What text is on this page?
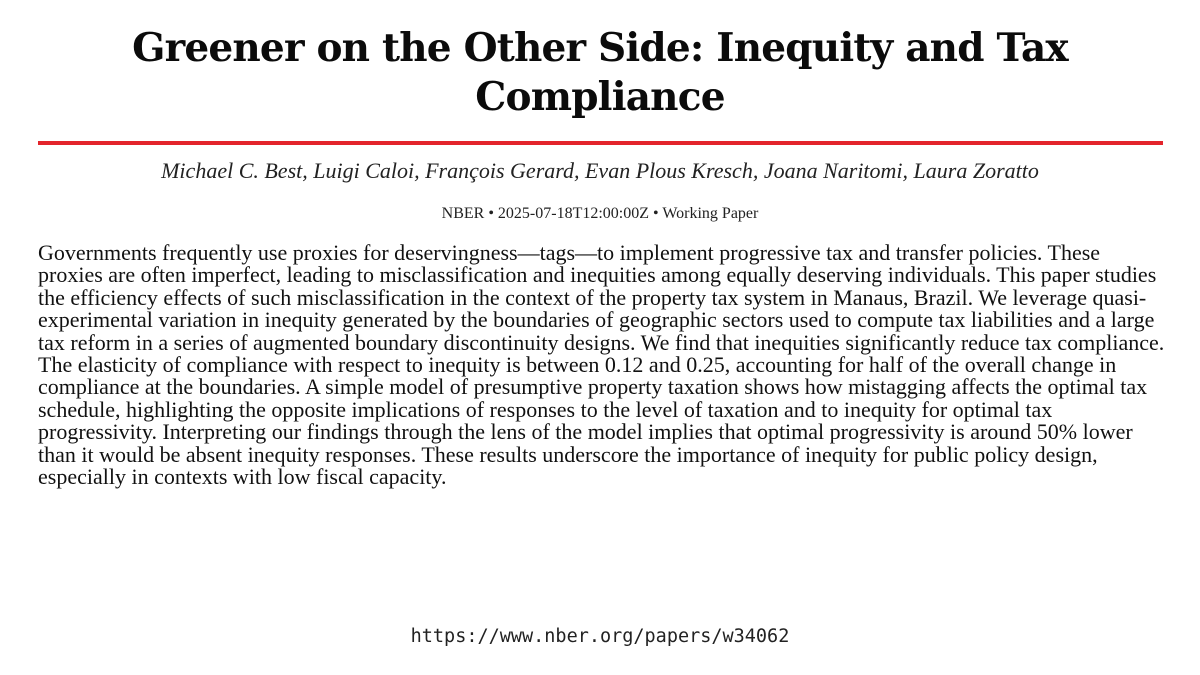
Greener on the Other Side: Inequity and Tax Compliance
Michael C. Best, Luigi Caloi, François Gerard, Evan Plous Kresch, Joana Naritomi, Laura Zoratto
NBER • 2025-07-18T12:00:00Z • Working Paper

Governments frequently use proxies for deservingness—tags—to implement progressive tax and transfer policies. These proxies are often imperfect, leading to misclassification and inequities among equally deserving individuals. This paper studies the efficiency effects of such misclassification in the context of the property tax system in Manaus, Brazil. We leverage quasi-experimental variation in inequity generated by the boundaries of geographic sectors used to compute tax liabilities and a large tax reform in a series of augmented boundary discontinuity designs. We find that inequities significantly reduce tax compliance. The elasticity of compliance with respect to inequity is between 0.12 and 0.25, accounting for half of the overall change in compliance at the boundaries. A simple model of presumptive property taxation shows how mistagging affects the optimal tax schedule, highlighting the opposite implications of responses to the level of taxation and to inequity for optimal tax progressivity. Interpreting our findings through the lens of the model implies that optimal progressivity is around 50% lower than it would be absent inequity responses. These results underscore the importance of inequity for public policy design, especially in contexts with low fiscal capacity.

https://www.nber.org/papers/w34062
